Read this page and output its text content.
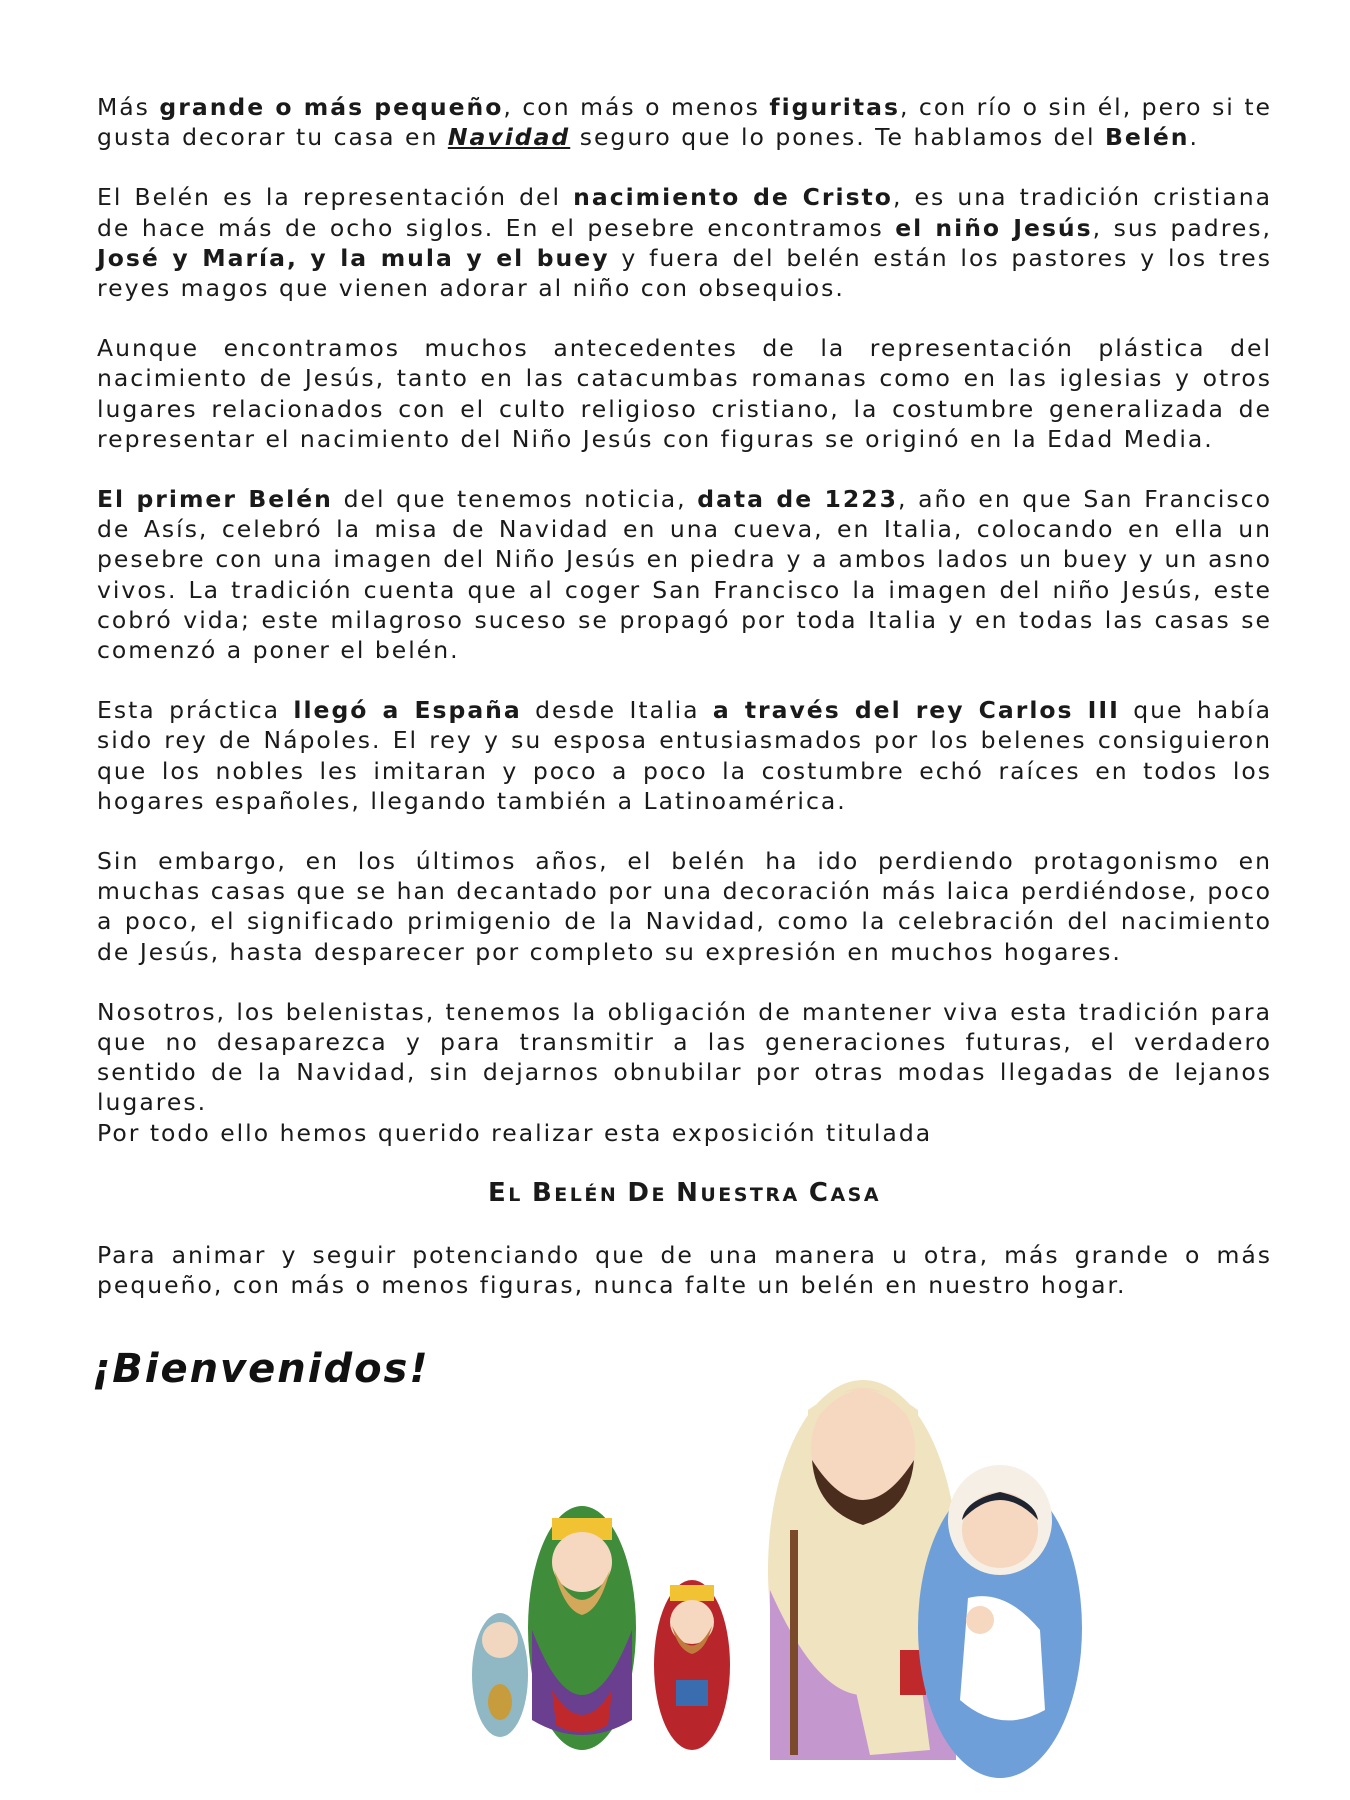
Más grande o más pequeño, con más o menos figuritas, con río o sin él, pero si te gusta decorar tu casa en Navidad seguro que lo pones. Te hablamos del Belén.

El Belén es la representación del nacimiento de Cristo, es una tradición cristiana de hace más de ocho siglos. En el pesebre encontramos el niño Jesús, sus padres, José y María, y la mula y el buey y fuera del belén están los pastores y los tres reyes magos que vienen adorar al niño con obsequios.

Aunque encontramos muchos antecedentes de la representación plástica del nacimiento de Jesús, tanto en las catacumbas romanas como en las iglesias y otros lugares relacionados con el culto religioso cristiano, la costumbre generalizada de representar el nacimiento del Niño Jesús con figuras se originó en la Edad Media.

El primer Belén del que tenemos noticia, data de 1223, año en que San Francisco de Asís, celebró la misa de Navidad en una cueva, en Italia, colocando en ella un pesebre con una imagen del Niño Jesús en piedra y a ambos lados un buey y un asno vivos. La tradición cuenta que al coger San Francisco la imagen del niño Jesús, este cobró vida; este milagroso suceso se propagó por toda Italia y en todas las casas se comenzó a poner el belén.

Esta práctica llegó a España desde Italia a través del rey Carlos III que había sido rey de Nápoles. El rey y su esposa entusiasmados por los belenes consiguieron que los nobles les imitaran y poco a poco la costumbre echó raíces en todos los hogares españoles, llegando también a Latinoamérica.

Sin embargo, en los últimos años, el belén ha ido perdiendo protagonismo en muchas casas que se han decantado por una decoración más laica perdiéndose, poco a poco, el significado primigenio de la Navidad, como la celebración del nacimiento de Jesús, hasta desparecer por completo su expresión en muchos hogares.

Nosotros, los belenistas, tenemos la obligación de mantener viva esta tradición para que no desaparezca y para transmitir a las generaciones futuras, el verdadero sentido de la Navidad, sin dejarnos obnubilar por otras modas llegadas de lejanos lugares.

Por todo ello hemos querido realizar esta exposición titulada

EL BELÉN DE NUESTRA CASA

Para animar y seguir potenciando que de una manera u otra, más grande o más pequeño, con más o menos figuras, nunca falte un belén en nuestro hogar.

¡Bienvenidos!
